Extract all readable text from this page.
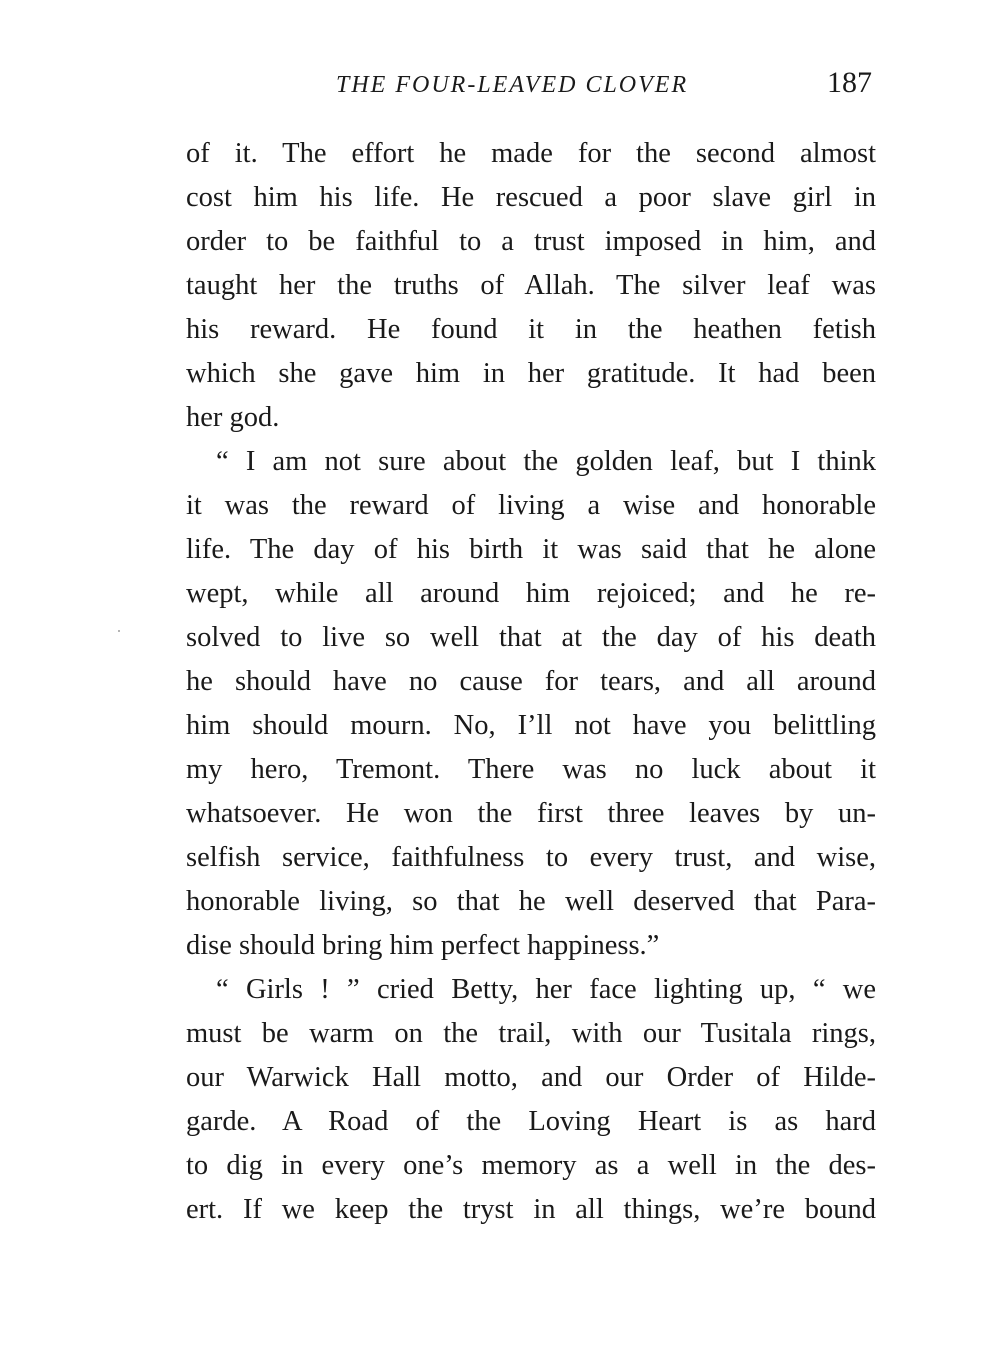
THE FOUR-LEAVED CLOVER	187
of it. The effort he made for the second almost
cost him his life. He rescued a poor slave girl in
order to be faithful to a trust imposed in him, and
taught her the truths of Allah. The silver leaf was
his reward. He found it in the heathen fetish
which she gave him in her gratitude. It had been
her god.
“ I am not sure about the golden leaf, but I think
it was the reward of living a wise and honorable
life. The day of his birth it was said that he alone
wept, while all around him rejoiced; and he re-
solved to live so well that at the day of his death
he should have no cause for tears, and all around
him should mourn. No, I’ll not have you belittling
my hero, Tremont. There was no luck about it
whatsoever. He won the first three leaves by un-
selfish service, faithfulness to every trust, and wise,
honorable living, so that he well deserved that Para-
dise should bring him perfect happiness.”
“ Girls ! ” cried Betty, her face lighting up, “ we
must be warm on the trail, with our Tusitala rings,
our Warwick Hall motto, and our Order of Hilde-
garde. A Road of the Loving Heart is as hard
to dig in every one’s memory as a well in the des-
ert. If we keep the tryst in all things, we’re bound
